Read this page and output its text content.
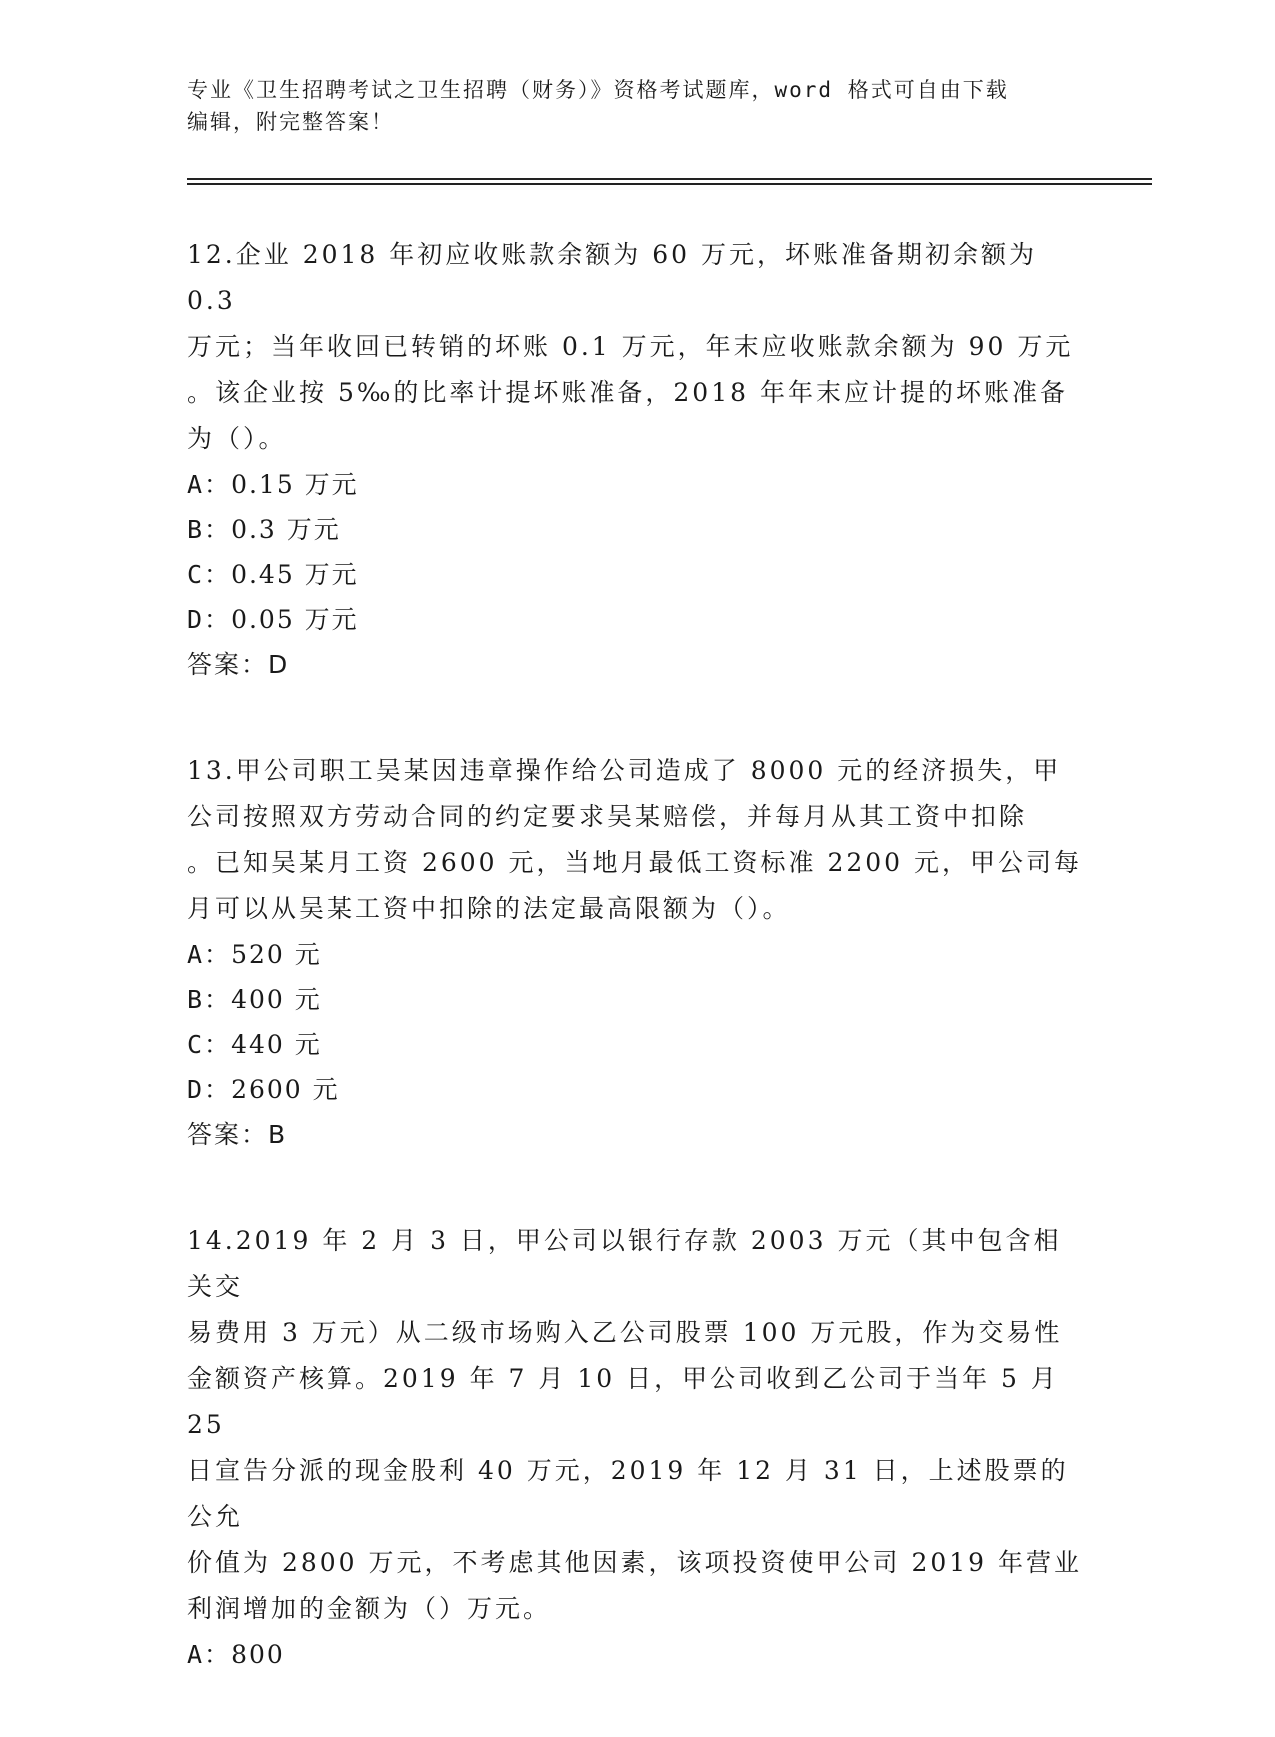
专业《卫生招聘考试之卫生招聘（财务）》资格考试题库，word 格式可自由下载
编辑，附完整答案！

12.企业 2018 年初应收账款余额为 60 万元，坏账准备期初余额为 0.3

万元；当年收回已转销的坏账 0.1 万元，年末应收账款余额为 90 万元

。该企业按 5‰的比率计提坏账准备，2018 年年末应计提的坏账准备

为（）。

A：0.15 万元

B：0.3 万元

C：0.45 万元

D：0.05 万元

答案：D

13.甲公司职工吴某因违章操作给公司造成了 8000 元的经济损失，甲

公司按照双方劳动合同的约定要求吴某赔偿，并每月从其工资中扣除

。已知吴某月工资 2600 元，当地月最低工资标准 2200 元，甲公司每

月可以从吴某工资中扣除的法定最高限额为（）。

A：520 元

B：400 元

C：440 元

D：2600 元

答案：B

14.2019 年 2 月 3 日，甲公司以银行存款 2003 万元（其中包含相关交

易费用 3 万元）从二级市场购入乙公司股票 100 万元股，作为交易性

金额资产核算。2019 年 7 月 10 日，甲公司收到乙公司于当年 5 月 25

日宣告分派的现金股利 40 万元，2019 年 12 月 31 日，上述股票的公允

价值为 2800 万元，不考虑其他因素，该项投资使甲公司 2019 年营业

利润增加的金额为（）万元。

A：800
